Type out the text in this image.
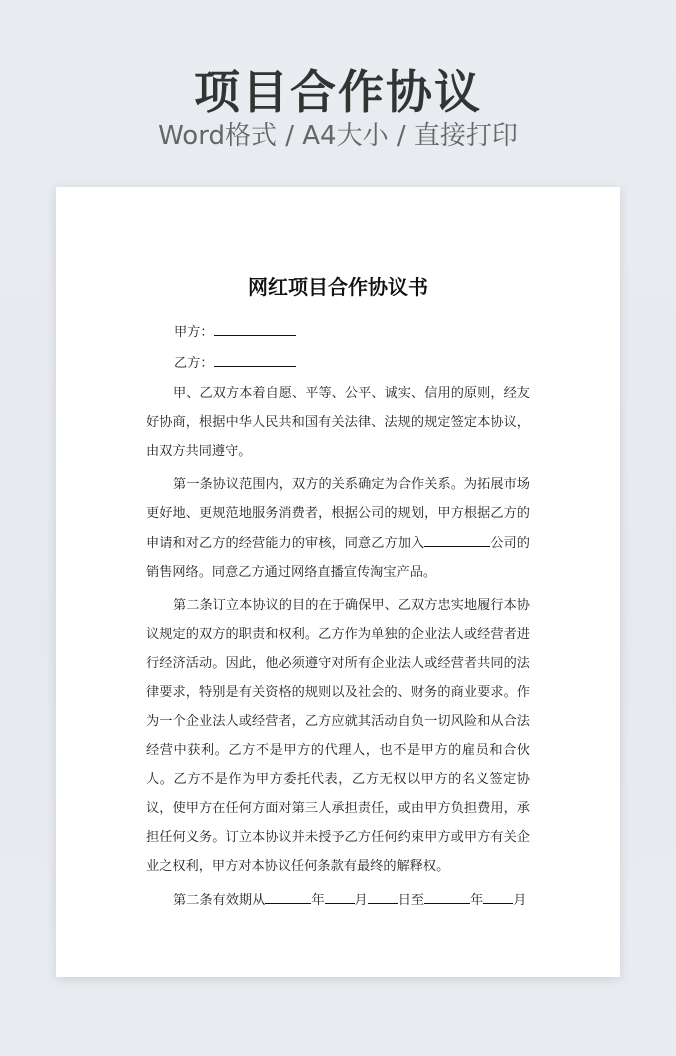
项目合作协议
Word格式 / A4大小 / 直接打印
网红项目合作协议书
甲方：
乙方：

甲、乙双方本着自愿、平等、公平、诚实、信用的原则，经友好协商，根据中华人民共和国有关法律、法规的规定签定本协议，由双方共同遵守。

第一条协议范围内，双方的关系确定为合作关系。为拓展市场更好地、更规范地服务消费者，根据公司的规划，甲方根据乙方的申请和对乙方的经营能力的审核，同意乙方加入	公司的销售网络。同意乙方通过网络直播宣传淘宝产品。

第二条订立本协议的目的在于确保甲、乙双方忠实地履行本协议规定的双方的职责和权利。乙方作为单独的企业法人或经营者进行经济活动。因此，他必须遵守对所有企业法人或经营者共同的法律要求，特别是有关资格的规则以及社会的、财务的商业要求。作为一个企业法人或经营者，乙方应就其活动自负一切风险和从合法经营中获利。乙方不是甲方的代理人，也不是甲方的雇员和合伙人。乙方不是作为甲方委托代表，乙方无权以甲方的名义签定协议，使甲方在任何方面对第三人承担责任，或由甲方负担费用，承担任何义务。订立本协议并未授予乙方任何约束甲方或甲方有关企业之权利，甲方对本协议任何条款有最终的解释权。

第二条有效期从	年 月 日至	年 月
